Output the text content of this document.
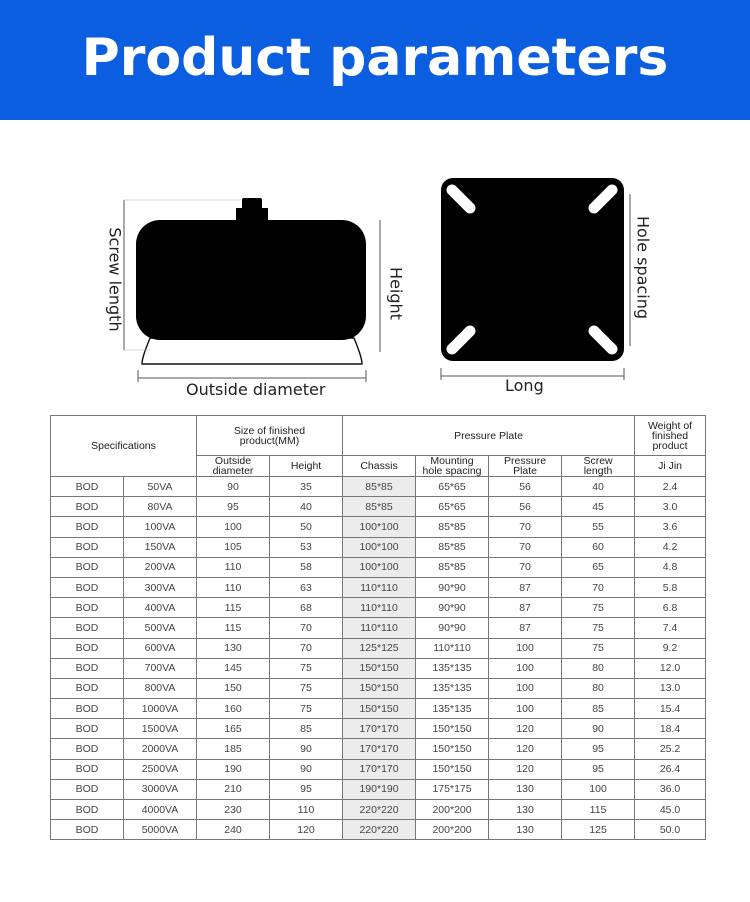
Product parameters
Screw length	Height
Outside diameter
Hole spacing
Long
Specifications		Size of finished product(MM)		Pressure Plate				Weight of finished product
		Outside diameter	Height	Chassis	Mounting hole spacing	Pressure Plate	Screw length	Ji Jin
BOD	50VA	90	35	85*85	65*65	56	40	2.4
BOD	80VA	95	40	85*85	65*65	56	45	3.0
BOD	100VA	100	50	100*100	85*85	70	55	3.6
BOD	150VA	105	53	100*100	85*85	70	60	4.2
BOD	200VA	110	58	100*100	85*85	70	65	4.8
BOD	300VA	110	63	110*110	90*90	87	70	5.8
BOD	400VA	115	68	110*110	90*90	87	75	6.8
BOD	500VA	115	70	110*110	90*90	87	75	7.4
BOD	600VA	130	70	125*125	110*110	100	75	9.2
BOD	700VA	145	75	150*150	135*135	100	80	12.0
BOD	800VA	150	75	150*150	135*135	100	80	13.0
BOD	1000VA	160	75	150*150	135*135	100	85	15.4
BOD	1500VA	165	85	170*170	150*150	120	90	18.4
BOD	2000VA	185	90	170*170	150*150	120	95	25.2
BOD	2500VA	190	90	170*170	150*150	120	95	26.4
BOD	3000VA	210	95	190*190	175*175	130	100	36.0
BOD	4000VA	230	110	220*220	200*200	130	115	45.0
BOD	5000VA	240	120	220*220	200*200	130	125	50.0
